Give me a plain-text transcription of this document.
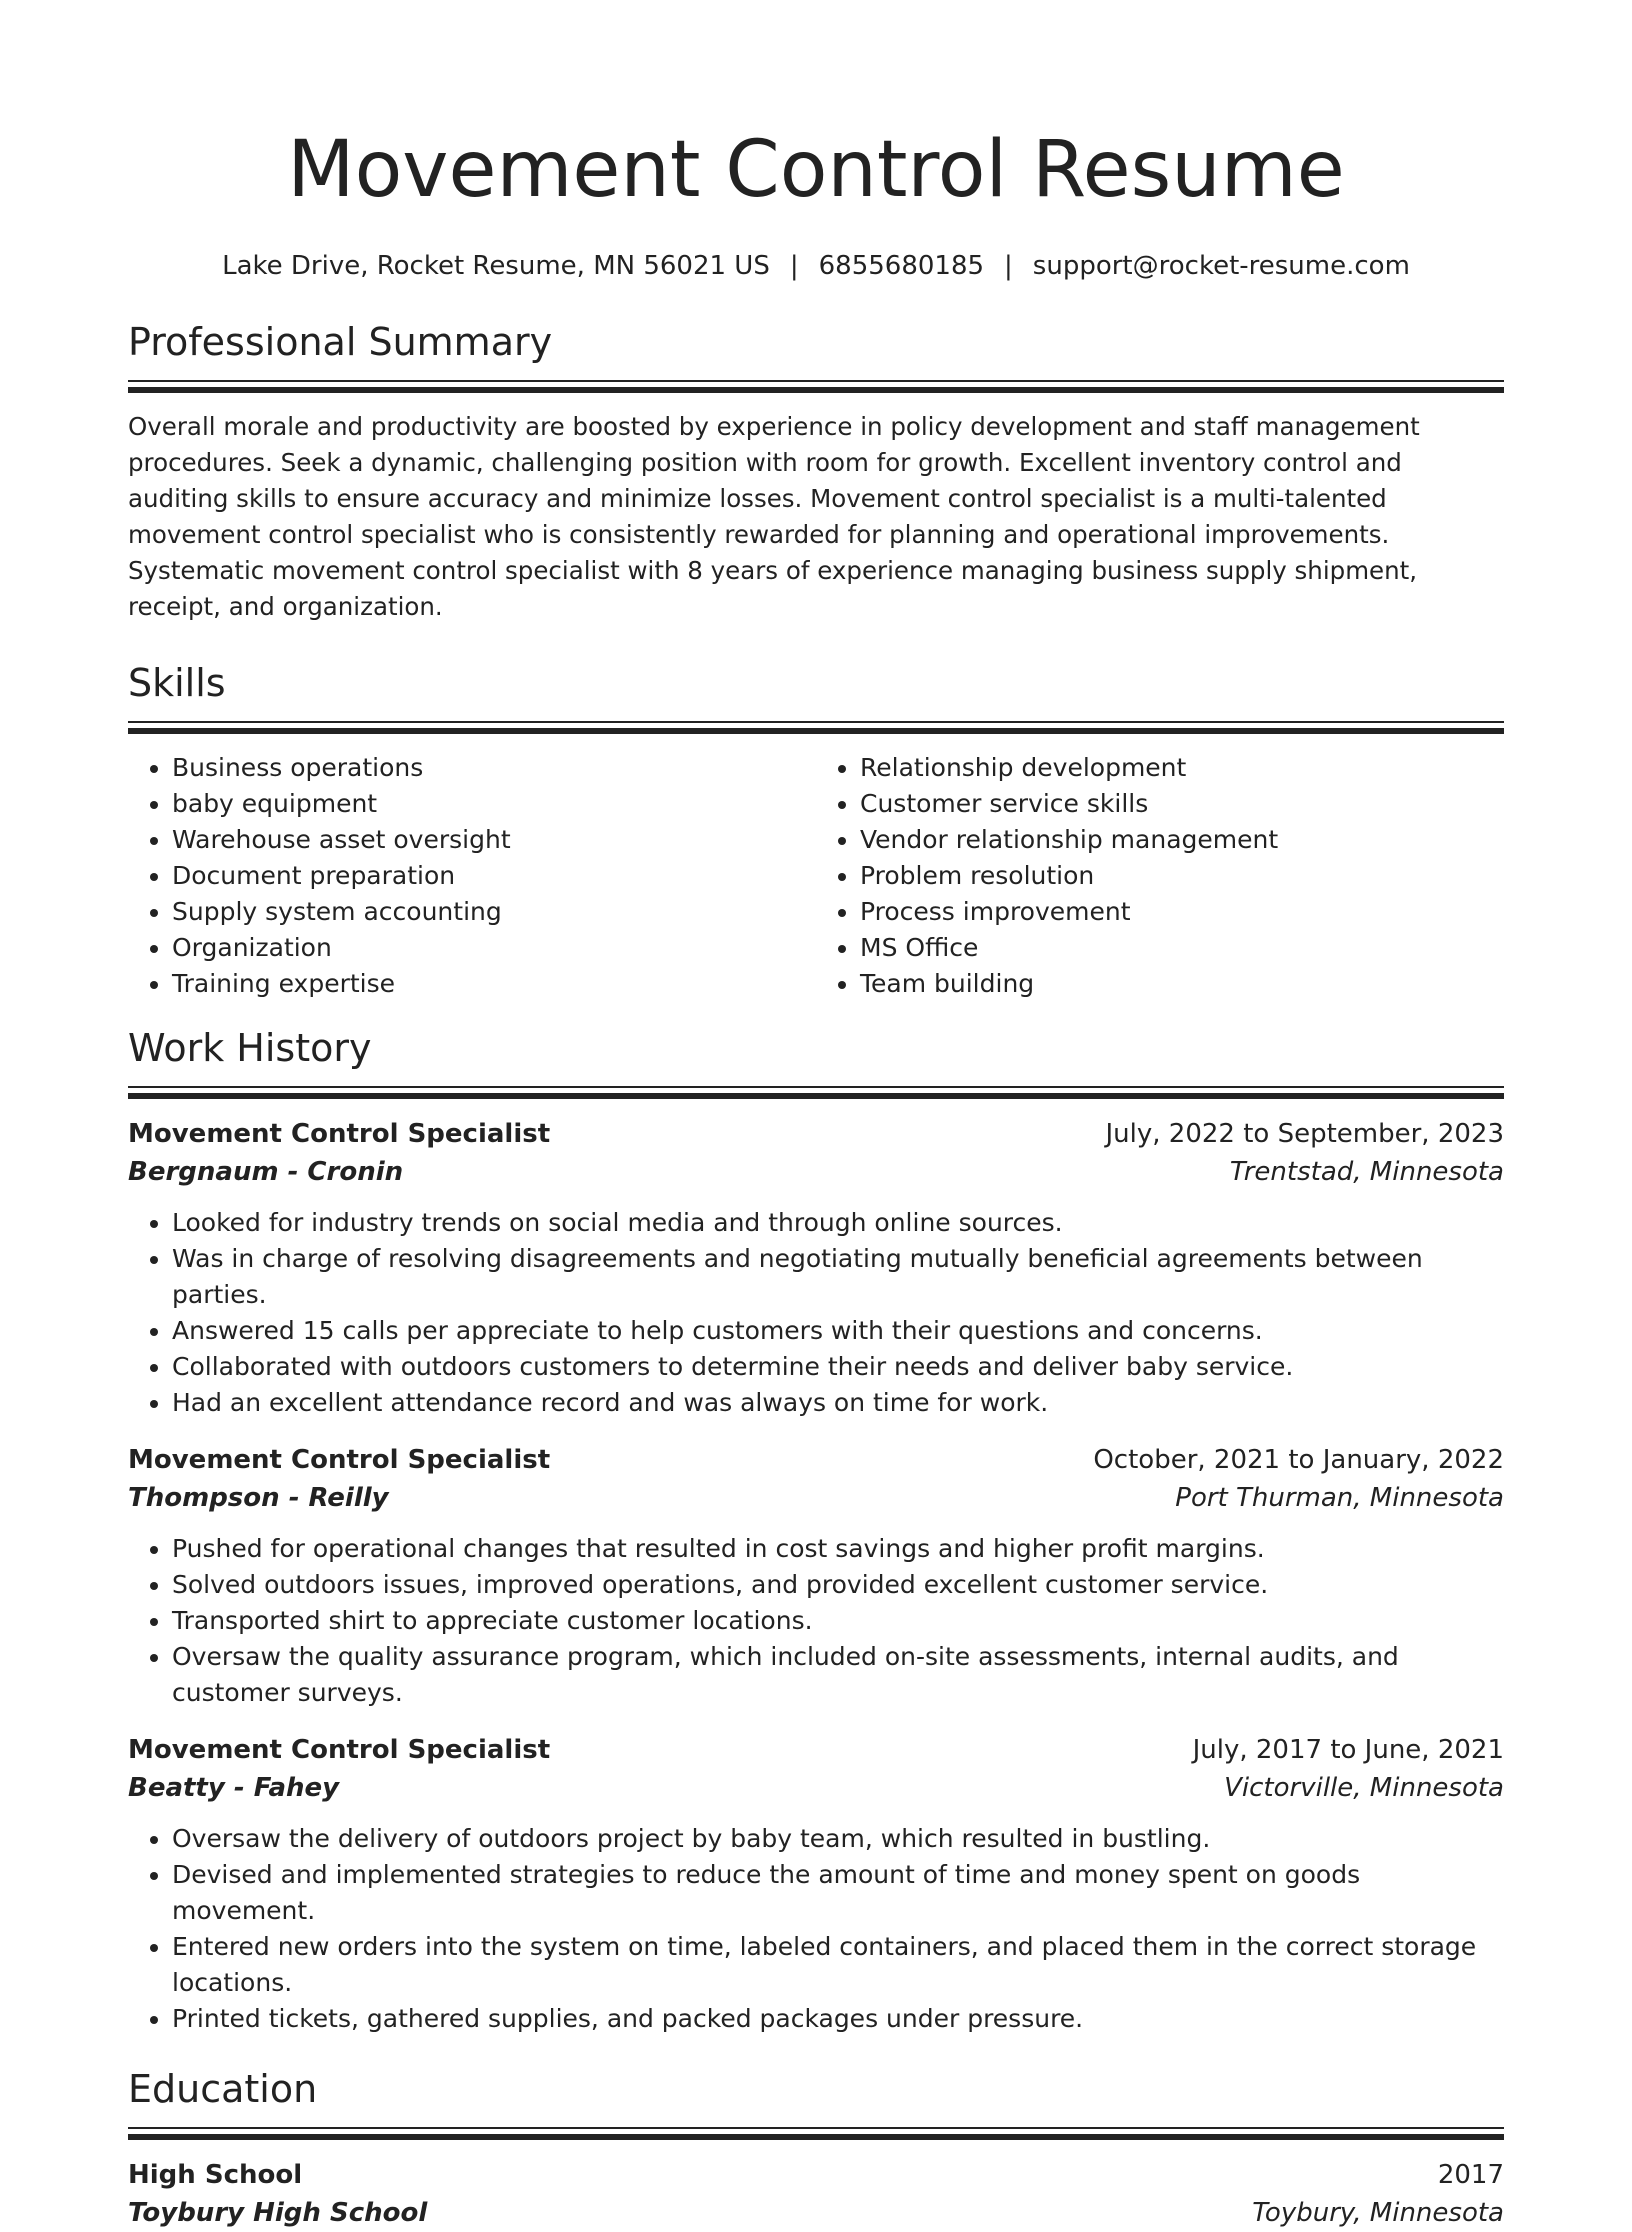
Movement Control Resume
Lake Drive, Rocket Resume, MN 56021 US | 6855680185 | support@rocket-resume.com
Professional Summary

Overall morale and productivity are boosted by experience in policy development and staff management procedures. Seek a dynamic, challenging position with room for growth. Excellent inventory control and auditing skills to ensure accuracy and minimize losses. Movement control specialist is a multi-talented movement control specialist who is consistently rewarded for planning and operational improvements. Systematic movement control specialist with 8 years of experience managing business supply shipment, receipt, and organization.

Skills
• Business operations
• baby equipment
• Warehouse asset oversight
• Document preparation
• Supply system accounting
• Organization
• Training expertise
• Relationship development
• Customer service skills
• Vendor relationship management
• Problem resolution
• Process improvement
• MS Office
• Team building
Work History
Movement Control Specialist	July, 2022 to September, 2023
Bergnaum - Cronin	Trentstad, Minnesota
• Looked for industry trends on social media and through online sources.
• Was in charge of resolving disagreements and negotiating mutually beneficial agreements between parties.
• Answered 15 calls per appreciate to help customers with their questions and concerns.
• Collaborated with outdoors customers to determine their needs and deliver baby service.
• Had an excellent attendance record and was always on time for work.
Movement Control Specialist	October, 2021 to January, 2022
Thompson - Reilly	Port Thurman, Minnesota
• Pushed for operational changes that resulted in cost savings and higher profit margins.
• Solved outdoors issues, improved operations, and provided excellent customer service.
• Transported shirt to appreciate customer locations.
• Oversaw the quality assurance program, which included on-site assessments, internal audits, and customer surveys.
Movement Control Specialist	July, 2017 to June, 2021
Beatty - Fahey	Victorville, Minnesota
• Oversaw the delivery of outdoors project by baby team, which resulted in bustling.
• Devised and implemented strategies to reduce the amount of time and money spent on goods movement.
• Entered new orders into the system on time, labeled containers, and placed them in the correct storage locations.
• Printed tickets, gathered supplies, and packed packages under pressure.
Education
High School	2017
Toybury High School	Toybury, Minnesota
